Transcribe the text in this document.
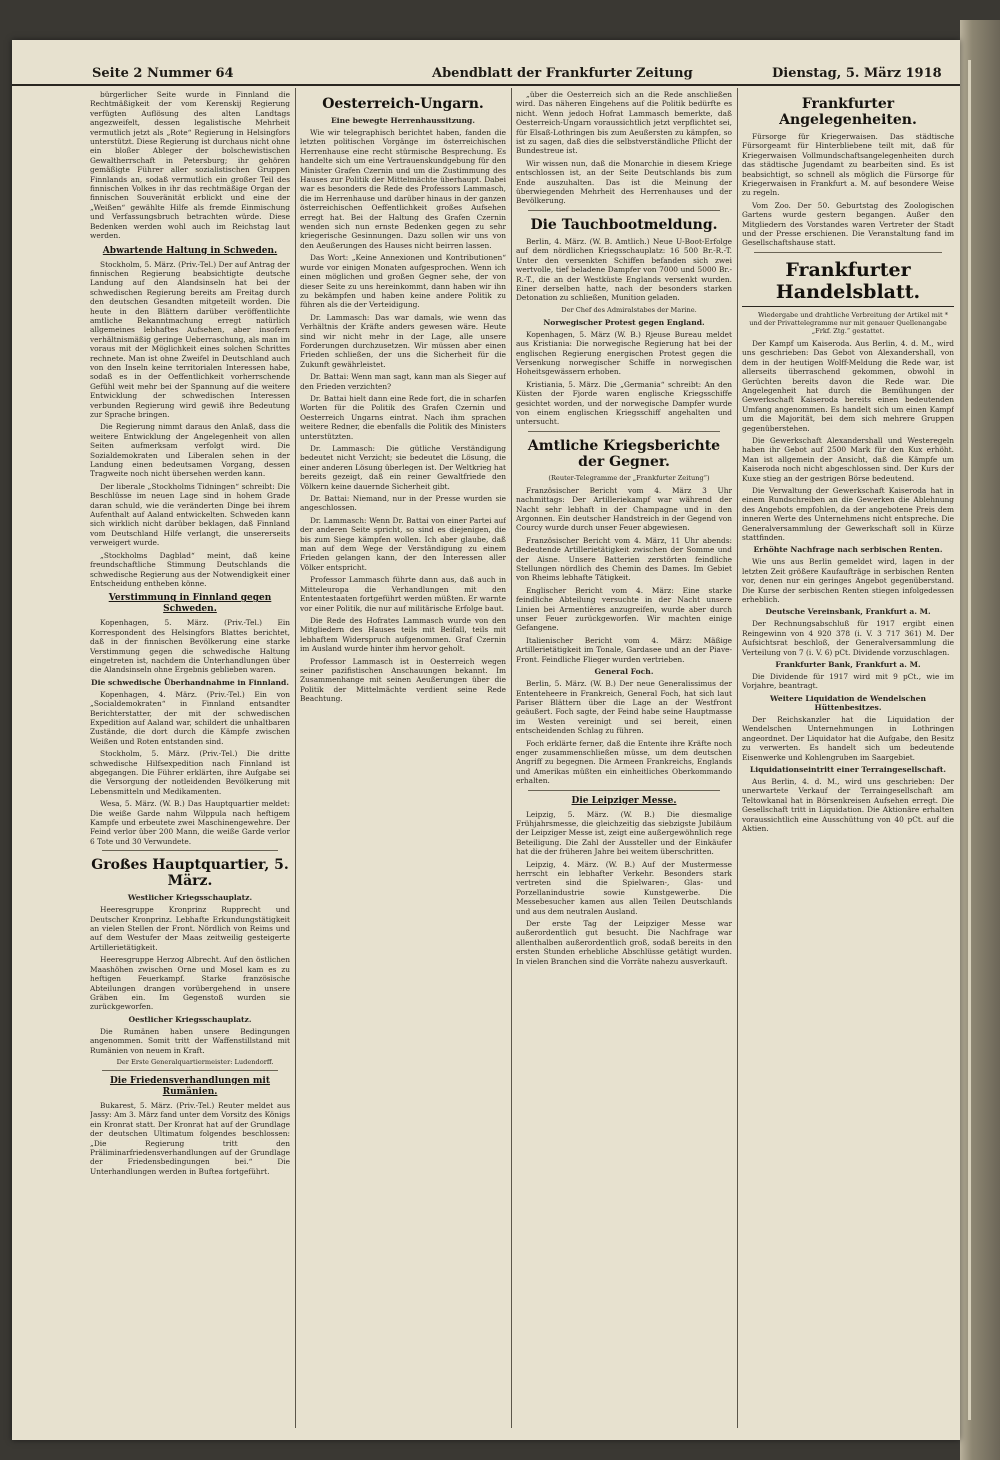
Seite 2 Nummer 64	Abendblatt der Frankfurter Zeitung	Dienstag, 5. März 1918

bürgerlicher Seite wurde in Finnland die Rechtmäßigkeit der vom Kerenskij Regierung verfügten Auflösung des alten Landtags angezweifelt, dessen legalistische Mehrheit vermutlich jetzt als „Rote“ Regierung in Helsingfors unterstützt. Diese Regierung ist durchaus nicht ohne ein bloßer Ableger der bolschewistischen Gewaltherrschaft in Petersburg; ihr gehören gemäßigte Führer aller sozialistischen Gruppen Finnlands an, sodaß vermutlich ein großer Teil des finnischen Volkes in ihr das rechtmäßige Organ der finnischen Souveränität erblickt und eine der „Weißen“ gewählte Hilfe als fremde Einmischung und Verfassungsbruch betrachten würde. Diese Bedenken werden wohl auch im Reichstag laut werden.

Abwartende Haltung in Schweden.

Stockholm, 5. März. (Priv.-Tel.) Der auf Antrag der finnischen Regierung beabsichtigte deutsche Landung auf den Alandsinseln hat bei der schwedischen Regierung bereits am Freitag durch den deutschen Gesandten mitgeteilt worden. Die heute in den Blättern darüber veröffentlichte amtliche Bekanntmachung erregt natürlich allgemeines lebhaftes Aufsehen, aber insofern verhältnismäßig geringe Ueberraschung, als man im voraus mit der Möglichkeit eines solchen Schrittes rechnete. Man ist ohne Zweifel in Deutschland auch von den Inseln keine territorialen Interessen habe, sodaß es in der Oeffentlichkeit vorherrschende Gefühl weit mehr bei der Spannung auf die weitere Entwicklung der schwedischen Interessen verbunden Regierung wird gewiß ihre Bedeutung zur Sprache bringen.

Die Regierung nimmt daraus den Anlaß, dass die weitere Entwicklung der Angelegenheit von allen Seiten aufmerksam verfolgt wird. Die Sozialdemokraten und Liberalen sehen in der Landung einen bedeutsamen Vorgang, dessen Tragweite noch nicht übersehen werden kann.

Der liberale „Stockholms Tidningen“ schreibt: Die Beschlüsse im neuen Lage sind in hohem Grade daran schuld, wie die veränderten Dinge bei ihrem Aufenthalt auf Aaland entwickelten. Schweden kann sich wirklich nicht darüber beklagen, daß Finnland vom Deutschland Hilfe verlangt, die unsererseits verweigert wurde.

„Stockholms Dagblad“ meint, daß keine freundschaftliche Stimmung Deutschlands die schwedische Regierung aus der Notwendigkeit einer Entscheidung entheben könne.

Verstimmung in Finnland gegen Schweden.

Kopenhagen, 5. März. (Priv.-Tel.) Ein Korrespondent des Helsingfors Blattes berichtet, daß in der finnischen Bevölkerung eine starke Verstimmung gegen die schwedische Haltung eingetreten ist, nachdem die Unterhandlungen über die Alandsinseln ohne Ergebnis geblieben waren.

Die schwedische Überhandnahme in Finnland.

Kopenhagen, 4. März. (Priv.-Tel.) Ein von „Socialdemokraten“ in Finnland entsandter Berichterstatter, der mit der schwedischen Expedition auf Aaland war, schildert die unhaltbaren Zustände, die dort durch die Kämpfe zwischen Weißen und Roten entstanden sind.

Stockholm, 5. März. (Priv.-Tel.) Die dritte schwedische Hilfsexpedition nach Finnland ist abgegangen. Die Führer erklärten, ihre Aufgabe sei die Versorgung der notleidenden Bevölkerung mit Lebensmitteln und Medikamenten.

Wesa, 5. März. (W. B.) Das Hauptquartier meldet: Die weiße Garde nahm Wilppula nach heftigem Kampfe und erbeutete zwei Maschinengewehre. Der Feind verlor über 200 Mann, die weiße Garde verlor 6 Tote und 30 Verwundete.

Großes Hauptquartier, 5. März.
Westlicher Kriegsschauplatz.

Heeresgruppe Kronprinz Rupprecht und Deutscher Kronprinz. Lebhafte Erkundungstätigkeit an vielen Stellen der Front. Nördlich von Reims und auf dem Westufer der Maas zeitweilig gesteigerte Artillerietätigkeit.

Heeresgruppe Herzog Albrecht. Auf den östlichen Maashöhen zwischen Orne und Mosel kam es zu heftigen Feuerkampf. Starke französische Abteilungen drangen vorübergehend in unsere Gräben ein. Im Gegenstoß wurden sie zurückgeworfen.

Oestlicher Kriegsschauplatz.

Die Rumänen haben unsere Bedingungen angenommen. Somit tritt der Waffenstillstand mit Rumänien von neuem in Kraft.

Der Erste Generalquartiermeister: Ludendorff.

Die Friedensverhandlungen mit Rumänien.

Bukarest, 5. März. (Priv.-Tel.) Reuter meldet aus Jassy: Am 3. März fand unter dem Vorsitz des Königs ein Kronrat statt. Der Kronrat hat auf der Grundlage der deutschen Ultimatum folgendes beschlossen: „Die Regierung tritt den Präliminarfriedensverhandlungen auf der Grundlage der Friedensbedingungen bei.“ Die Unterhandlungen werden in Buftea fortgeführt.

Oesterreich-Ungarn.
Eine bewegte Herrenhaussitzung.

Wie wir telegraphisch berichtet haben, fanden die letzten politischen Vorgänge im österreichischen Herrenhause eine recht stürmische Besprechung. Es handelte sich um eine Vertrauenskundgebung für den Minister Grafen Czernin und um die Zustimmung des Hauses zur Politik der Mittelmächte überhaupt. Dabei war es besonders die Rede des Professors Lammasch, die im Herrenhause und darüber hinaus in der ganzen österreichischen Oeffentlichkeit großes Aufsehen erregt hat. Bei der Haltung des Grafen Czernin wenden sich nun ernste Bedenken gegen zu sehr kriegerische Gesinnungen. Dazu sollen wir uns von den Aeußerungen des Hauses nicht beirren lassen.

Das Wort: „Keine Annexionen und Kontributionen“ wurde vor einigen Monaten aufgesprochen. Wenn ich einen möglichen und großen Gegner sehe, der von dieser Seite zu uns hereinkommt, dann haben wir ihn zu bekämpfen und haben keine andere Politik zu führen als die der Verteidigung.

Dr. Lammasch: Das war damals, wie wenn das Verhältnis der Kräfte anders gewesen wäre. Heute sind wir nicht mehr in der Lage, alle unsere Forderungen durchzusetzen. Wir müssen aber einen Frieden schließen, der uns die Sicherheit für die Zukunft gewährleistet.

Dr. Battai: Wenn man sagt, kann man als Sieger auf den Frieden verzichten?

Dr. Battai hielt dann eine Rede fort, die in scharfen Worten für die Politik des Grafen Czernin und Oesterreich Ungarns eintrat. Nach ihm sprachen weitere Redner, die ebenfalls die Politik des Ministers unterstützten.

Dr. Lammasch: Die gütliche Verständigung bedeutet nicht Verzicht; sie bedeutet die Lösung, die einer anderen Lösung überlegen ist. Der Weltkrieg hat bereits gezeigt, daß ein reiner Gewaltfriede den Völkern keine dauernde Sicherheit gibt.

Dr. Battai: Niemand, nur in der Presse wurden sie angeschlossen.

Dr. Lammasch: Wenn Dr. Battai von einer Partei auf der anderen Seite spricht, so sind es diejenigen, die bis zum Siege kämpfen wollen. Ich aber glaube, daß man auf dem Wege der Verständigung zu einem Frieden gelangen kann, der den Interessen aller Völker entspricht.

Professor Lammasch führte dann aus, daß auch in Mitteleuropa die Verhandlungen mit den Ententestaaten fortgeführt werden müßten. Er warnte vor einer Politik, die nur auf militärische Erfolge baut.

Die Rede des Hofrates Lammasch wurde von den Mitgliedern des Hauses teils mit Beifall, teils mit lebhaftem Widerspruch aufgenommen. Graf Czernin im Ausland wurde hinter ihm hervor geholt.

Professor Lammasch ist in Oesterreich wegen seiner pazifistischen Anschauungen bekannt. Im Zusammenhange mit seinen Aeußerungen über die Politik der Mittelmächte verdient seine Rede Beachtung.

„über die Oesterreich sich an die Rede anschließen wird. Das näheren Eingehens auf die Politik bedürfte es nicht. Wenn jedoch Hofrat Lammasch bemerkte, daß Oesterreich-Ungarn voraussichtlich jetzt verpflichtet sei, für Elsaß-Lothringen bis zum Aeußersten zu kämpfen, so ist zu sagen, daß dies die selbstverständliche Pflicht der Bundestreue ist.

Wir wissen nun, daß die Monarchie in diesem Kriege entschlossen ist, an der Seite Deutschlands bis zum Ende auszuhalten. Das ist die Meinung der überwiegenden Mehrheit des Herrenhauses und der Bevölkerung.

Die Tauchbootmeldung.

Berlin, 4. März. (W. B. Amtlich.) Neue U-Boot-Erfolge auf dem nördlichen Kriegsschauplatz: 16 500 Br.-R.-T. Unter den versenkten Schiffen befanden sich zwei wertvolle, tief beladene Dampfer von 7000 und 5000 Br.-R.-T., die an der Westküste Englands versenkt wurden. Einer derselben hatte, nach der besonders starken Detonation zu schließen, Munition geladen.

Der Chef des Admiralstabes der Marine.

Norwegischer Protest gegen England.

Kopenhagen, 5. März (W. B.) Rjeuse Bureau meldet aus Kristiania: Die norwegische Regierung hat bei der englischen Regierung energischen Protest gegen die Versenkung norwegischer Schiffe in norwegischen Hoheitsgewässern erhoben.

Kristiania, 5. März. Die „Germania“ schreibt: An den Küsten der Fjorde waren englische Kriegsschiffe gesichtet worden, und der norwegische Dampfer wurde von einem englischen Kriegsschiff angehalten und untersucht.

Amtliche Kriegsberichte der Gegner.

(Reuter-Telegramme der „Frankfurter Zeitung“)

Französischer Bericht vom 4. März 3 Uhr nachmittags: Der Artilleriekampf war während der Nacht sehr lebhaft in der Champagne und in den Argonnen. Ein deutscher Handstreich in der Gegend von Courcy wurde durch unser Feuer abgewiesen.

Französischer Bericht vom 4. März, 11 Uhr abends: Bedeutende Artillerietätigkeit zwischen der Somme und der Aisne. Unsere Batterien zerstörten feindliche Stellungen nördlich des Chemin des Dames. Im Gebiet von Rheims lebhafte Tätigkeit.

Englischer Bericht vom 4. März: Eine starke feindliche Abteilung versuchte in der Nacht unsere Linien bei Armentières anzugreifen, wurde aber durch unser Feuer zurückgeworfen. Wir machten einige Gefangene.

Italienischer Bericht vom 4. März: Mäßige Artillerietätigkeit im Tonale, Gardasee und an der Piave-Front. Feindliche Flieger wurden vertrieben.

General Foch.

Berlin, 5. März. (W. B.) Der neue Generalissimus der Ententeheere in Frankreich, General Foch, hat sich laut Pariser Blättern über die Lage an der Westfront geäußert. Foch sagte, der Feind habe seine Hauptmasse im Westen vereinigt und sei bereit, einen entscheidenden Schlag zu führen.

Foch erklärte ferner, daß die Entente ihre Kräfte noch enger zusammenschließen müsse, um dem deutschen Angriff zu begegnen. Die Armeen Frankreichs, Englands und Amerikas müßten ein einheitliches Oberkommando erhalten.

Die Leipziger Messe.

Leipzig, 5. März. (W. B.) Die diesmalige Frühjahrsmesse, die gleichzeitig das siebzigste Jubiläum der Leipziger Messe ist, zeigt eine außergewöhnlich rege Beteiligung. Die Zahl der Aussteller und der Einkäufer hat die der früheren Jahre bei weitem überschritten.

Leipzig, 4. März. (W. B.) Auf der Mustermesse herrscht ein lebhafter Verkehr. Besonders stark vertreten sind die Spielwaren-, Glas- und Porzellanindustrie sowie Kunstgewerbe. Die Messebesucher kamen aus allen Teilen Deutschlands und aus dem neutralen Ausland.

Der erste Tag der Leipziger Messe war außerordentlich gut besucht. Die Nachfrage war allenthalben außerordentlich groß, sodaß bereits in den ersten Stunden erhebliche Abschlüsse getätigt wurden. In vielen Branchen sind die Vorräte nahezu ausverkauft.

Frankfurter Angelegenheiten.

Fürsorge für Kriegerwaisen. Das städtische Fürsorgeamt für Hinterbliebene teilt mit, daß für Kriegerwaisen Vollmundschaftsangelegenheiten durch das städtische Jugendamt zu bearbeiten sind. Es ist beabsichtigt, so schnell als möglich die Fürsorge für Kriegerwaisen in Frankfurt a. M. auf besondere Weise zu regeln.

Vom Zoo. Der 50. Geburtstag des Zoologischen Gartens wurde gestern begangen. Außer den Mitgliedern des Vorstandes waren Vertreter der Stadt und der Presse erschienen. Die Veranstaltung fand im Gesellschaftshause statt.

Frankfurter Handelsblatt.

Wiedergabe und drahtliche Verbreitung der Artikel mit * und der Privattelegramme nur mit genauer Quellenangabe „Frkf. Ztg.“ gestattet.

Der Kampf um Kaiseroda. Aus Berlin, 4. d. M., wird uns geschrieben: Das Gebot von Alexandershall, von dem in der heutigen Wolff-Meldung die Rede war, ist allerseits überraschend gekommen, obwohl in Gerüchten bereits davon die Rede war. Die Angelegenheit hat durch die Bemühungen der Gewerkschaft Kaiseroda bereits einen bedeutenden Umfang angenommen. Es handelt sich um einen Kampf um die Majorität, bei dem sich mehrere Gruppen gegenüberstehen.

Die Gewerkschaft Alexandershall und Westeregeln haben ihr Gebot auf 2500 Mark für den Kux erhöht. Man ist allgemein der Ansicht, daß die Kämpfe um Kaiseroda noch nicht abgeschlossen sind. Der Kurs der Kuxe stieg an der gestrigen Börse bedeutend.

Die Verwaltung der Gewerkschaft Kaiseroda hat in einem Rundschreiben an die Gewerken die Ablehnung des Angebots empfohlen, da der angebotene Preis dem inneren Werte des Unternehmens nicht entspreche. Die Generalversammlung der Gewerkschaft soll in Kürze stattfinden.

Erhöhte Nachfrage nach serbischen Renten.

Wie uns aus Berlin gemeldet wird, lagen in der letzten Zeit größere Kaufaufträge in serbischen Renten vor, denen nur ein geringes Angebot gegenüberstand. Die Kurse der serbischen Renten stiegen infolgedessen erheblich.

Deutsche Vereinsbank, Frankfurt a. M.

Der Rechnungsabschluß für 1917 ergibt einen Reingewinn von 4 920 378 (i. V. 3 717 361) M. Der Aufsichtsrat beschloß, der Generalversammlung die Verteilung von 7 (i. V. 6) pCt. Dividende vorzuschlagen.

Frankfurter Bank, Frankfurt a. M.

Die Dividende für 1917 wird mit 9 pCt., wie im Vorjahre, beantragt.

Weitere Liquidation de Wendelschen Hüttenbesitzes.

Der Reichskanzler hat die Liquidation der Wendelschen Unternehmungen in Lothringen angeordnet. Der Liquidator hat die Aufgabe, den Besitz zu verwerten. Es handelt sich um bedeutende Eisenwerke und Kohlengruben im Saargebiet.

Liquidationseintritt einer Terraingesellschaft.

Aus Berlin, 4. d. M., wird uns geschrieben: Der unerwartete Verkauf der Terraingesellschaft am Teltowkanal hat in Börsenkreisen Aufsehen erregt. Die Gesellschaft tritt in Liquidation. Die Aktionäre erhalten voraussichtlich eine Ausschüttung von 40 pCt. auf die Aktien.
